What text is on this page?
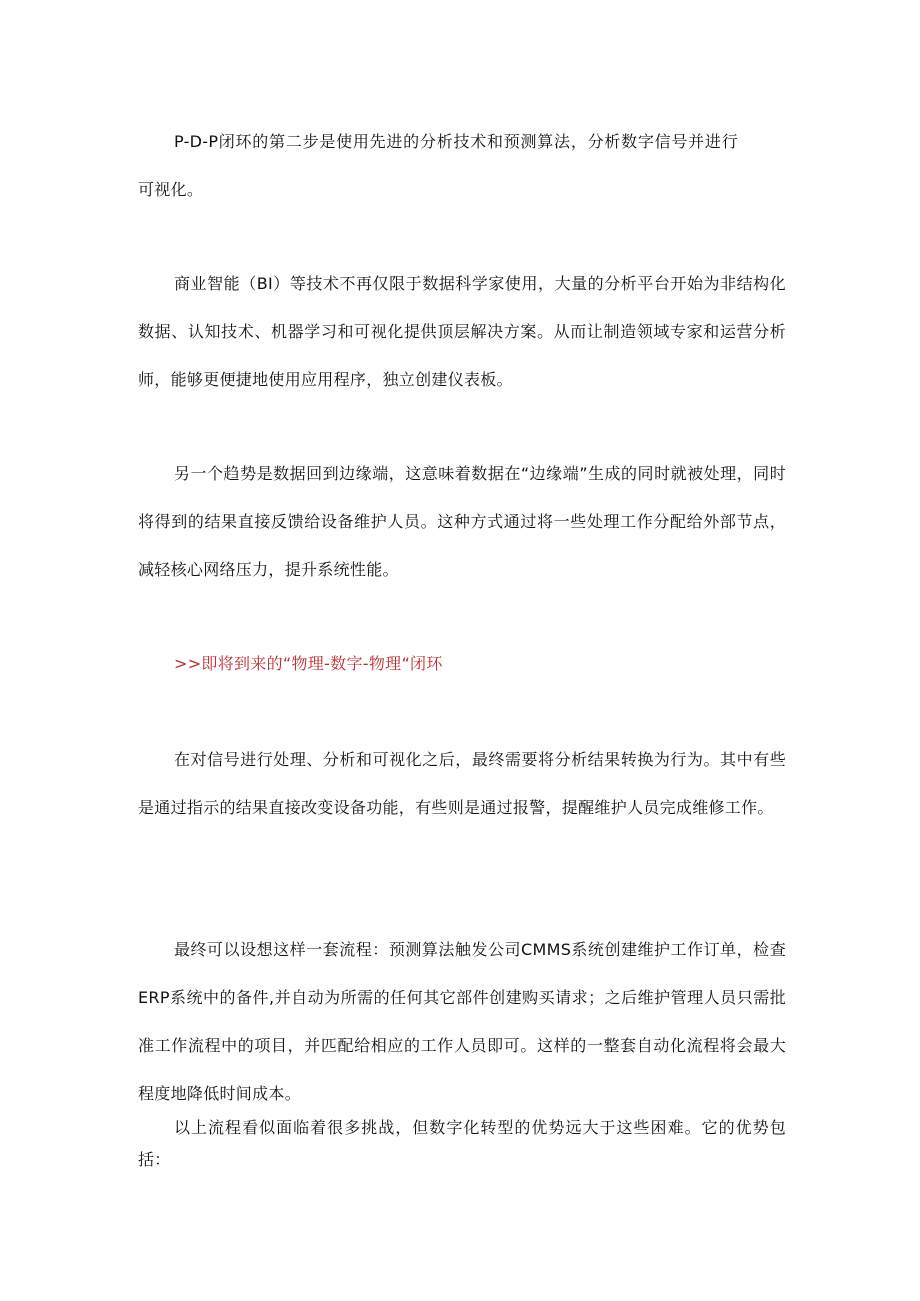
P-D-P闭环的第二步是使用先进的分析技术和预测算法，分析数字信号并进行可视化。

商业智能（BI）等技术不再仅限于数据科学家使用，大量的分析平台开始为非结构化数据、认知技术、机器学习和可视化提供顶层解决方案。从而让制造领域专家和运营分析师，能够更便捷地使用应用程序，独立创建仪表板。

另一个趋势是数据回到边缘端，这意味着数据在“边缘端”生成的同时就被处理，同时将得到的结果直接反馈给设备维护人员。这种方式通过将一些处理工作分配给外部节点，减轻核心网络压力，提升系统性能。

>>即将到来的“物理-数字-物理“闭环

在对信号进行处理、分析和可视化之后，最终需要将分析结果转换为行为。其中有些是通过指示的结果直接改变设备功能，有些则是通过报警，提醒维护人员完成维修工作。

最终可以设想这样一套流程：预测算法触发公司CMMS系统创建维护工作订单，检查ERP系统中的备件,并自动为所需的任何其它部件创建购买请求；之后维护管理人员只需批准工作流程中的项目，并匹配给相应的工作人员即可。这样的一整套自动化流程将会最大程度地降低时间成本。

以上流程看似面临着很多挑战，但数字化转型的优势远大于这些困难。它的优势包括：
